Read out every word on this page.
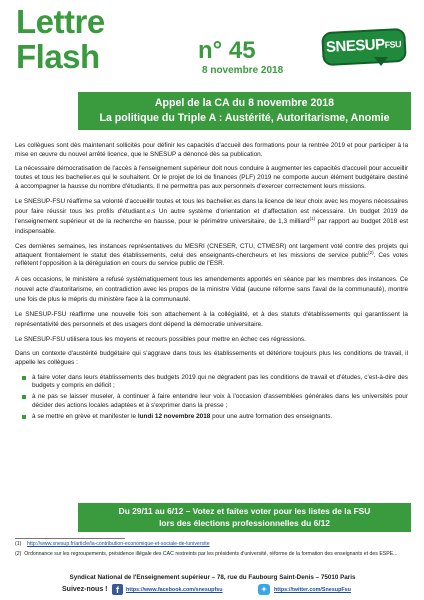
Lettre
Flash	n° 45
8 novembre 2018
$SNESUP^{FSU}$
Appel de la CA du 8 novembre 2018
La politique du Triple A : Austérité, Autoritarisme, Anomie

Les collègues sont dès maintenant sollicités pour définir les capacités d'accueil des formations pour la rentrée 2019 et pour participer à la mise en œuvre du nouvel arrêté licence, que le SNESUP a dénoncé dès sa publication.

La nécessaire démocratisation de l'accès à l'enseignement supérieur doit nous conduire à augmenter les capacités d'accueil pour accueillir toutes et tous les bachelier.es qui le souhaitent. Or le projet de loi de finances (PLF) 2019 ne comporte aucun élément budgétaire destiné à accompagner la hausse du nombre d'étudiants. Il ne permettra pas aux personnels d'exercer correctement leurs missions.

Le SNESUP-FSU réaffirme sa volonté d'accueillir toutes et tous les bachelier.es dans la licence de leur choix avec les moyens nécessaires pour faire réussir tous les profils d'étudiant.e.s Un autre système d'orientation et d'affectation est nécessaire. Un budget 2019 de l'enseignement supérieur et de la recherche en hausse, pour le périmètre universitaire, de 1,3 milliard$^{(1)}$ par rapport au budget 2018 est indispensable.

Ces dernières semaines, les instances représentatives du MESRI (CNESER, CTU, CTMESR) ont largement voté contre des projets qui attaquent frontalement le statut des établissements, celui des enseignants-chercheurs et les missions de service public$^{(2)}$. Ces votes reflètent l'opposition à la dérégulation en cours du service public de l'ESR.

A ces occasions, le ministère a refusé systématiquement tous les amendements apportés en séance par les membres des instances. Ce nouvel acte d'autoritarisme, en contradiction avec les propos de la ministre Vidal (aucune réforme sans l'aval de la communauté), montre une fois de plus le mépris du ministère face à la communauté.

Le SNESUP-FSU réaffirme une nouvelle fois son attachement à la collégialité, et à des statuts d'établissements qui garantissent la représentativité des personnels et des usagers dont dépend la démocratie universitaire.

Le SNESUP-FSU utilisera tous les moyens et recours possibles pour mettre en échec ces régressions.

Dans un contexte d'austérité budgétaire qui s'aggrave dans tous les établissements et détériore toujours plus les conditions de travail, il appelle les collègues :

à faire voter dans leurs établissements des budgets 2019 qui ne dégradent pas les conditions de travail et d'études, c'est-à-dire des budgets y compris en déficit ;
à ne pas se laisser museler, à continuer à faire entendre leur voix à l'occasion d'assemblées générales dans les universités pour décider des actions locales adaptées et à s'exprimer dans la presse ;
à se mettre en grève et manifester le lundi 12 novembre 2018 pour une autre formation des enseignants.
Du 29/11 au 6/12 – Votez et faites voter pour les listes de la FSU
lors des élections professionnelles du 6/12

(1) http://www.snesup.fr/article/la-contribution-economique-et-sociale-de-luniversite

(2) Ordonnance sur les regroupements, présidence illégale des CAC restreints par les présidents d'université, réforme de la formation des enseignants et des ESPE...

Syndicat National de l'Enseignement supérieur – 78, rue du Faubourg Saint-Denis – 75010 Paris
Suivez-nous ! f	https://www.facebook.com/snesupfsu	✦	https://twitter.com/SnesupFsu
